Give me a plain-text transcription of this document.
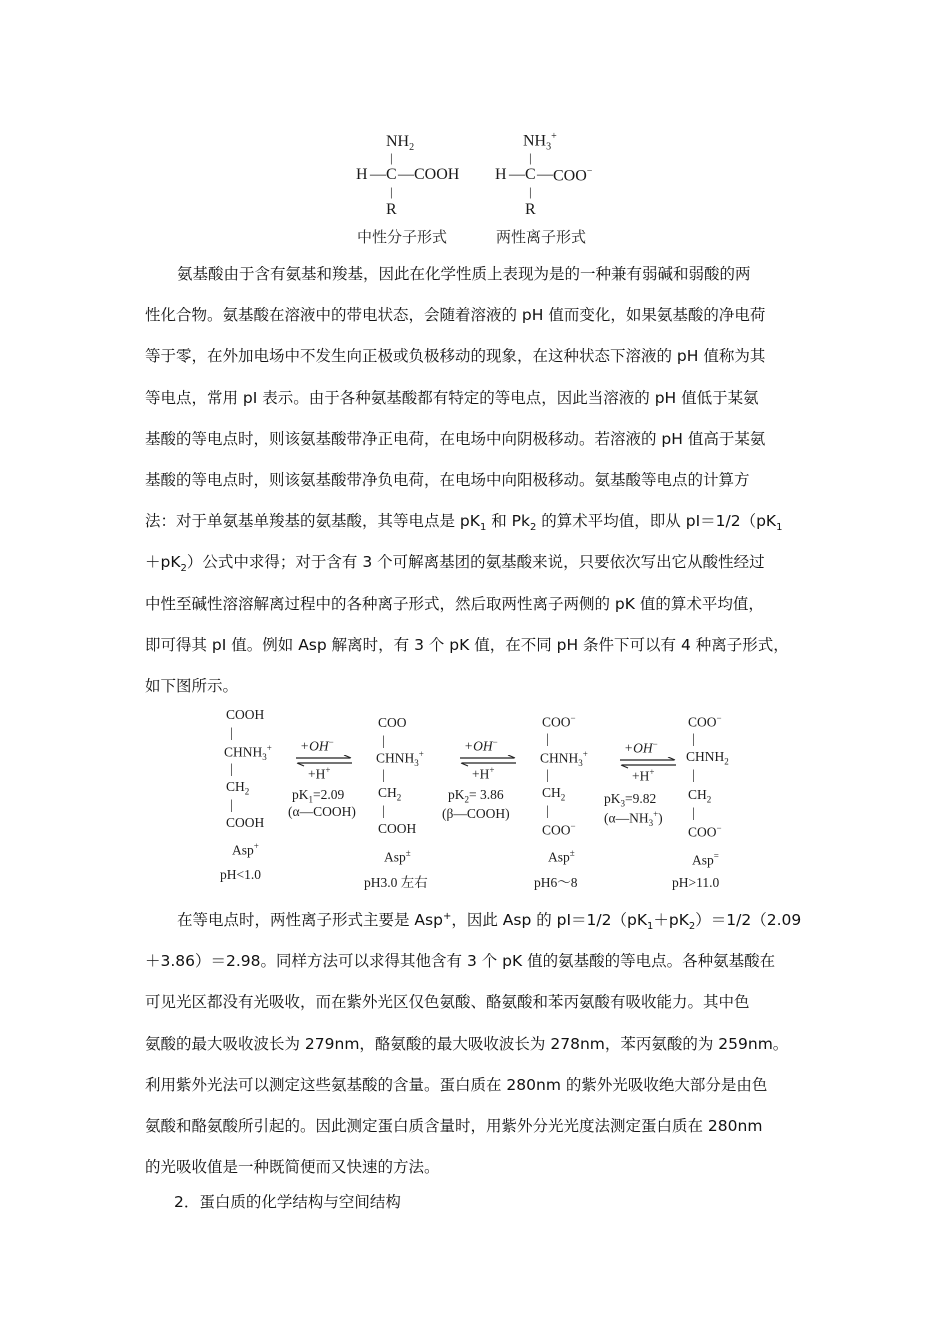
$NH_2$
|
H — C — COOH
|
R
$NH_3^+$
|
H — C — COO−
|
R
中性分子形式	两性离子形式
氨基酸由于含有氨基和羧基，因此在化学性质上表现为是的一种兼有弱碱和弱酸的两
性化合物。氨基酸在溶液中的带电状态，会随着溶液的 pH 值而变化，如果氨基酸的净电荷
等于零，在外加电场中不发生向正极或负极移动的现象，在这种状态下溶液的 pH 值称为其
等电点，常用 pI 表示。由于各种氨基酸都有特定的等电点，因此当溶液的 pH 值低于某氨
基酸的等电点时，则该氨基酸带净正电荷，在电场中向阴极移动。若溶液的 pH 值高于某氨
基酸的等电点时，则该氨基酸带净负电荷，在电场中向阳极移动。氨基酸等电点的计算方
法：对于单氨基单羧基的氨基酸，其等电点是 $pK_1$ 和 $Pk_2$ 的算术平均值，即从 $pI=1/2(pK_1$
$+pK_2$）公式中求得；对于含有 3 个可解离基团的氨基酸来说，只要依次写出它从酸性经过
中性至碱性溶溶解离过程中的各种离子形式，然后取两性离子两侧的 pK 值的算术平均值，
即可得其 pI 值。例如 Asp 解离时，有 3 个 pK 值，在不同 pH 条件下可以有 4 种离子形式，
如下图所示。
COOH
|
$CHNH_3^+$
|
$CH_2$
|
COOH
Asp+
pH<1.0
+OH−
+H+
$pK_1=2.09$
(α—COOH)
COO
|
$CHNH_3^+$
|
$CH_2$
|
COOH
Asp±
pH3.0 左右
+OH−
+H+
$pK_2= 3.86$
(β—COOH)
COO−
|
$CHNH_3^+$
|
$CH_2$
|
COO−
Asp±
pH6～8
+OH−
+H+
$pK_3=9.82$
$(\alpha—NH_3^+)$
COO−
|
$CHNH_2$
|
$CH_2$
|
COO−
Asp=
pH>11.0
在等电点时，两性离子形式主要是 Asp+，因此 Asp 的 $pI=1/2(pK_1+pK_2)=1/2(2.09$
＋3.86）＝2.98。同样方法可以求得其他含有 3 个 pK 值的氨基酸的等电点。各种氨基酸在
可见光区都没有光吸收，而在紫外光区仅色氨酸、酪氨酸和苯丙氨酸有吸收能力。其中色
氨酸的最大吸收波长为 279nm，酪氨酸的最大吸收波长为 278nm，苯丙氨酸的为 259nm。
利用紫外光法可以测定这些氨基酸的含量。蛋白质在 280nm 的紫外光吸收绝大部分是由色
氨酸和酪氨酸所引起的。因此测定蛋白质含量时，用紫外分光光度法测定蛋白质在 280nm
的光吸收值是一种既简便而又快速的方法。
2．蛋白质的化学结构与空间结构
